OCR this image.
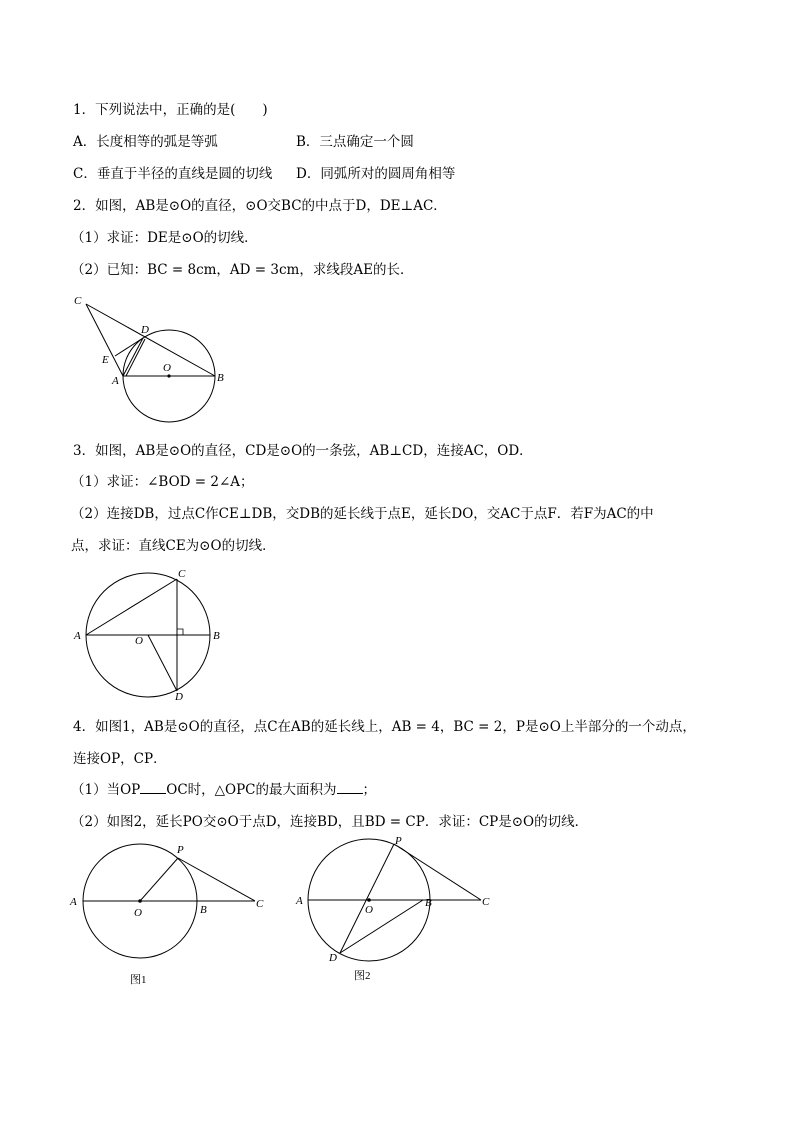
1．下列说法中，正确的是(　　)
A．长度相等的弧是等弧	B．三点确定一个圆
C．垂直于半径的直线是圆的切线 D．同弧所对的圆周角相等
2．如图，AB是⊙O的直径，⊙O交BC的中点于D，DE⊥AC．
（1）求证：DE是⊙O的切线．
（2）已知：BC = 8cm，AD = 3cm，求线段AE的长．
C
D
E
A
O
B
3．如图，AB是⊙O的直径，CD是⊙O的一条弦，AB⊥CD，连接AC，OD．
（1）求证：∠BOD = 2∠A；
（2）连接DB，过点C作CE⊥DB，交DB的延长线于点E，延长DO，交AC于点F．若F为AC的中
点，求证：直线CE为⊙O的切线．
C
A	O	B
D
4．如图1，AB是⊙O的直径，点C在AB的延长线上，AB = 4，BC = 2，P是⊙O上半部分的一个动点，
连接OP，CP．
（1）当OP OC时，△OPC的最大面积为 ；
（2）如图2，延长PO交⊙O于点D，连接BD，且BD = CP．求证：CP是⊙O的切线．
P
A
O	B	C
图1
P
A
O
B	C
D
图2
